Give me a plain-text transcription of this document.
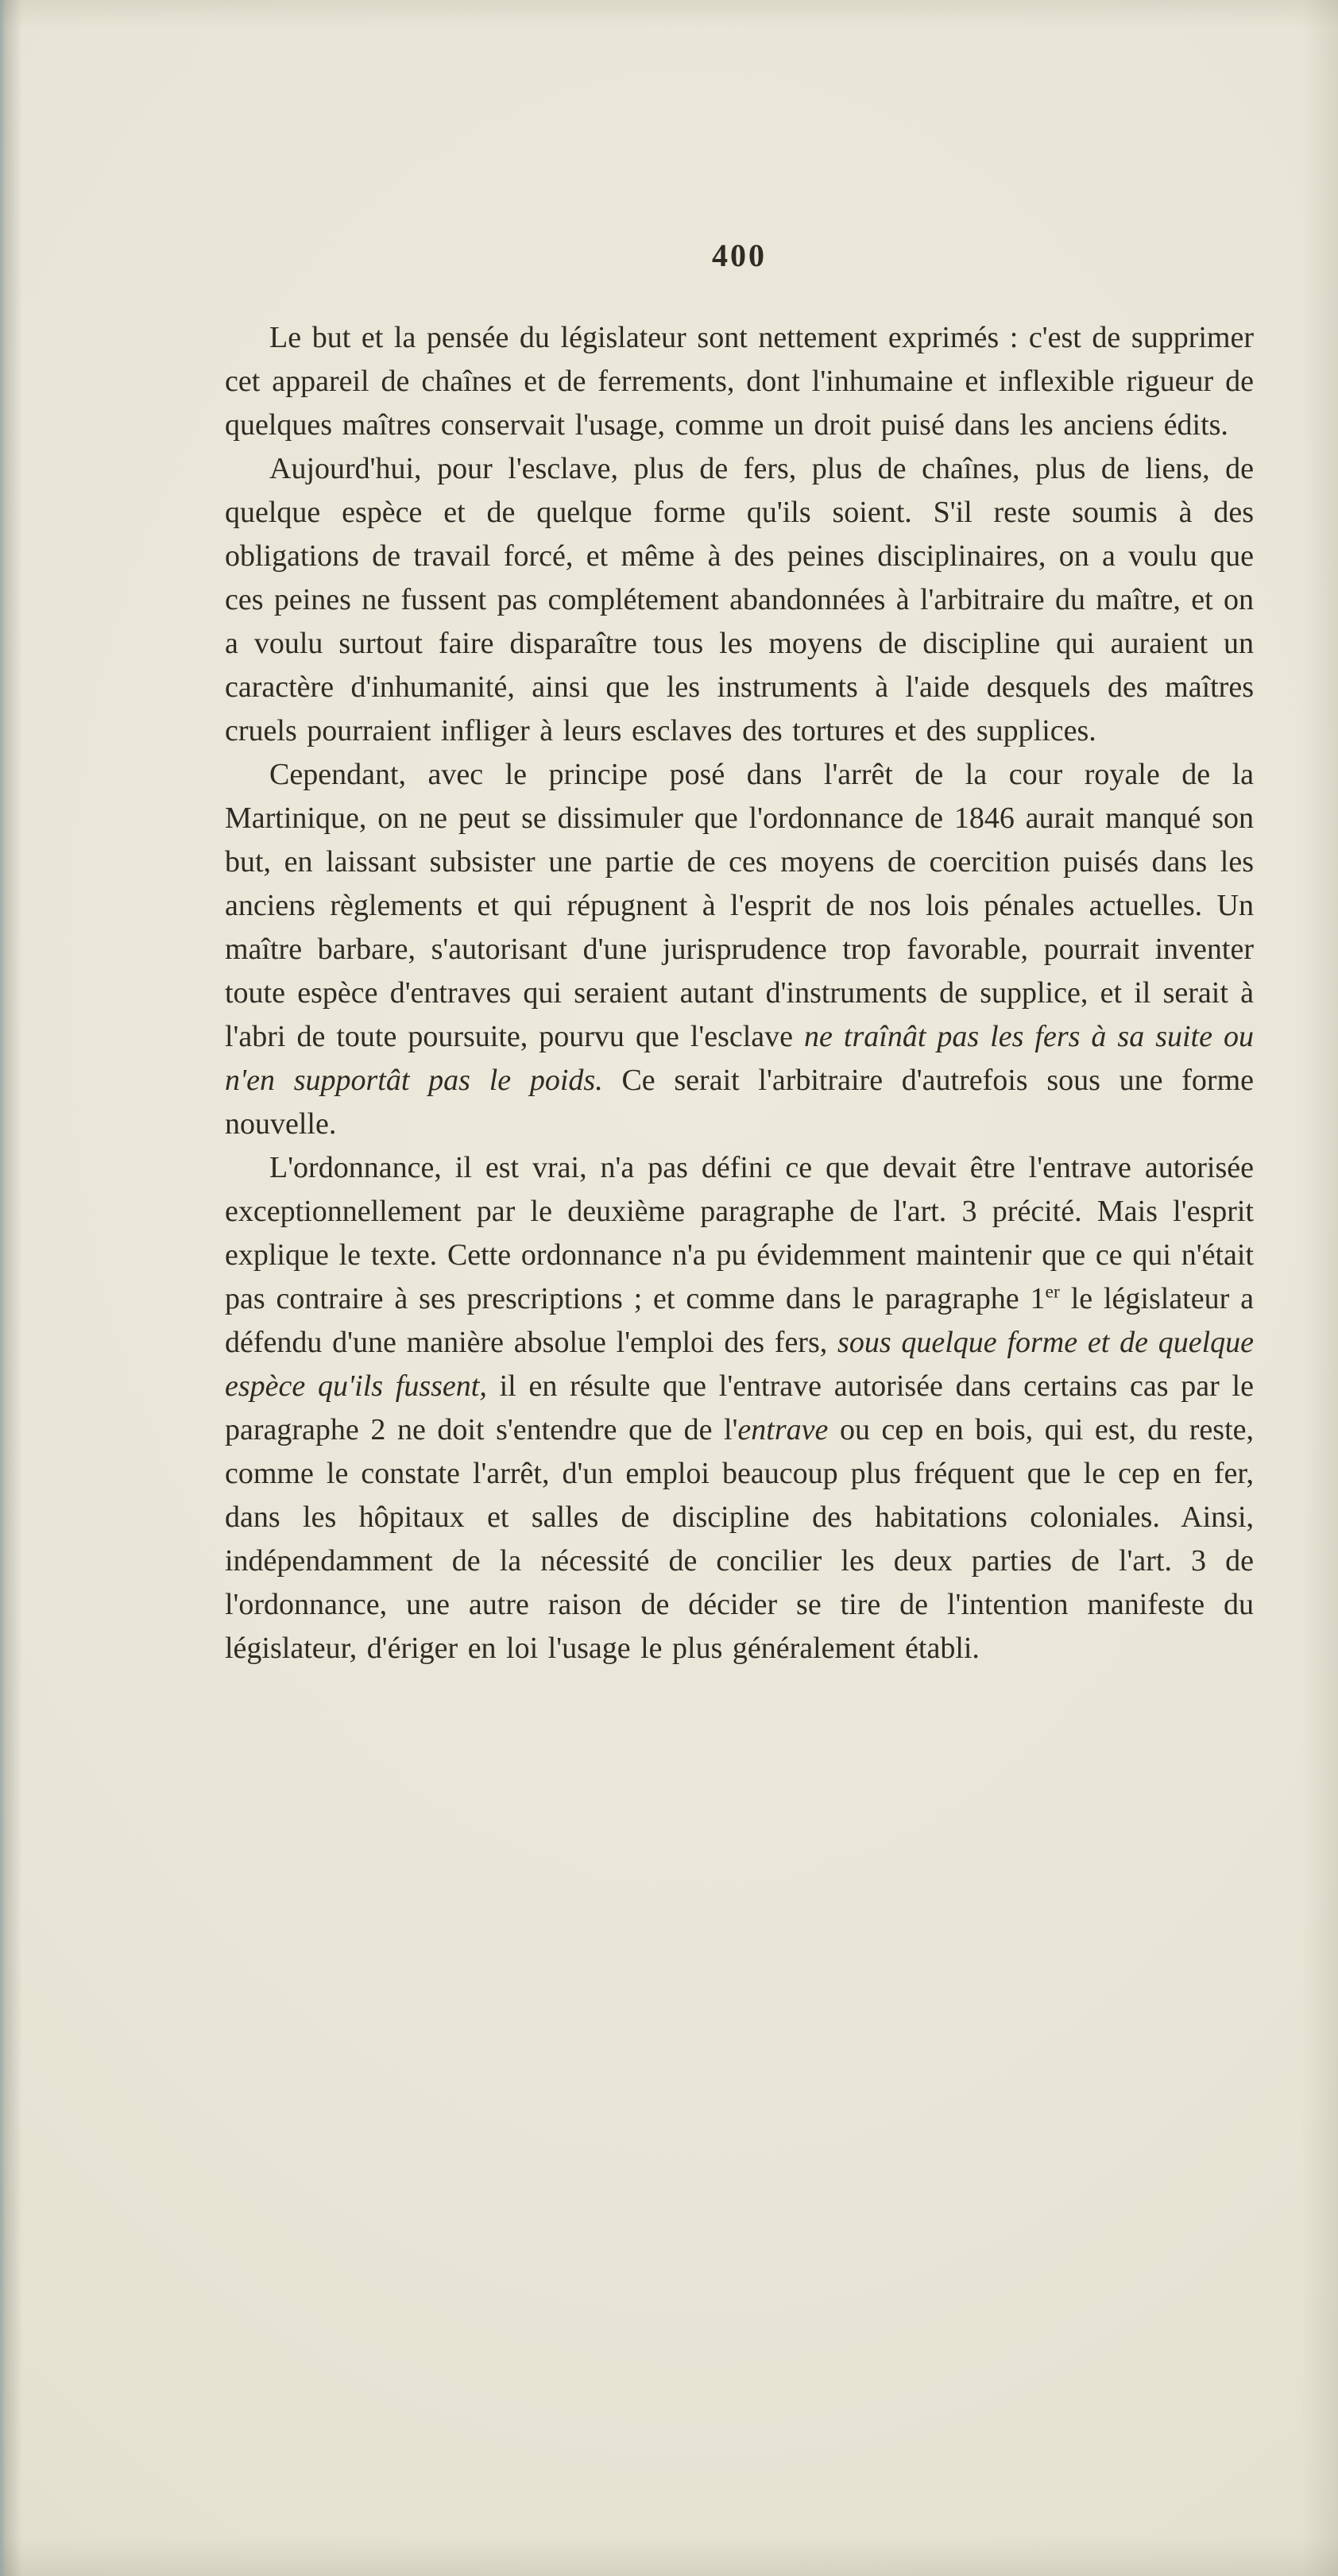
400

Le but et la pensée du législateur sont nettement exprimés : c'est de supprimer cet appareil de chaînes et de ferrements, dont l'inhumaine et inflexible rigueur de quelques maîtres conservait l'usage, comme un droit puisé dans les anciens édits.

Aujourd'hui, pour l'esclave, plus de fers, plus de chaînes, plus de liens, de quelque espèce et de quelque forme qu'ils soient. S'il reste soumis à des obligations de travail forcé, et même à des peines disciplinaires, on a voulu que ces peines ne fussent pas complétement abandonnées à l'arbitraire du maître, et on a voulu surtout faire disparaître tous les moyens de discipline qui auraient un caractère d'inhumanité, ainsi que les instruments à l'aide desquels des maîtres cruels pourraient infliger à leurs esclaves des tortures et des supplices.

Cependant, avec le principe posé dans l'arrêt de la cour royale de la Martinique, on ne peut se dissimuler que l'ordonnance de 1846 aurait manqué son but, en laissant subsister une partie de ces moyens de coercition puisés dans les anciens règlements et qui répugnent à l'esprit de nos lois pénales actuelles. Un maître barbare, s'autorisant d'une jurisprudence trop favorable, pourrait inventer toute espèce d'entraves qui seraient autant d'instruments de supplice, et il serait à l'abri de toute poursuite, pourvu que l'esclave ne traînât pas les fers à sa suite ou n'en supportât pas le poids. Ce serait l'arbitraire d'autrefois sous une forme nouvelle.

L'ordonnance, il est vrai, n'a pas défini ce que devait être l'entrave autorisée exceptionnellement par le deuxième paragraphe de l'art. 3 précité. Mais l'esprit explique le texte. Cette ordonnance n'a pu évidemment maintenir que ce qui n'était pas contraire à ses prescriptions ; et comme dans le paragraphe 1er le législateur a défendu d'une manière absolue l'emploi des fers, sous quelque forme et de quelque espèce qu'ils fussent, il en résulte que l'entrave autorisée dans certains cas par le paragraphe 2 ne doit s'entendre que de l'entrave ou cep en bois, qui est, du reste, comme le constate l'arrêt, d'un emploi beaucoup plus fréquent que le cep en fer, dans les hôpitaux et salles de discipline des habitations coloniales. Ainsi, indépendamment de la nécessité de concilier les deux parties de l'art. 3 de l'ordonnance, une autre raison de décider se tire de l'intention manifeste du législateur, d'ériger en loi l'usage le plus généralement établi.
